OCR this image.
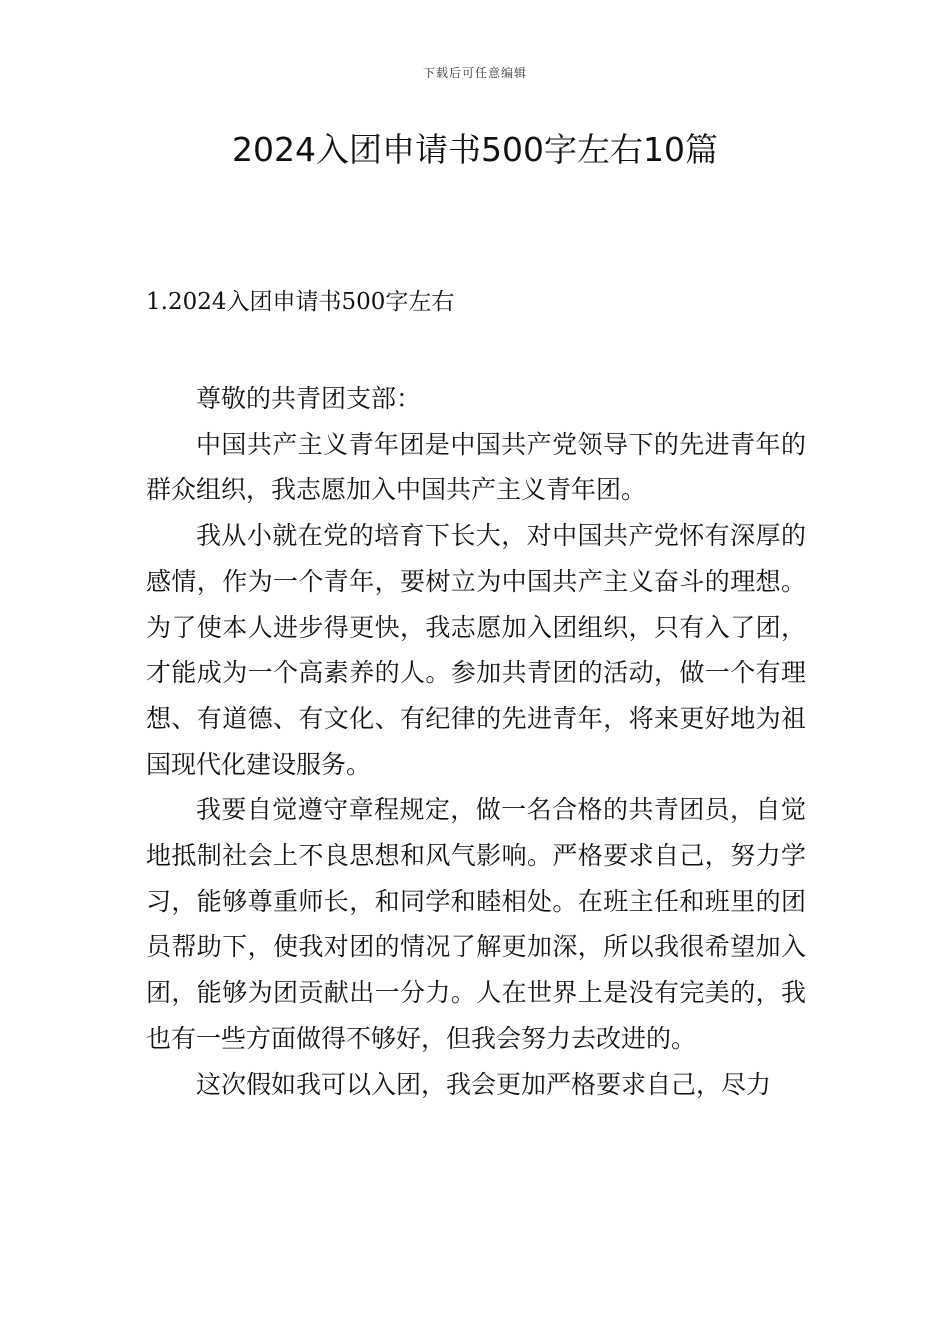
下载后可任意编辑
2024入团申请书500字左右10篇
1.2024入团申请书500字左右

尊敬的共青团支部：

中国共产主义青年团是中国共产党领导下的先进青年的群众组织，我志愿加入中国共产主义青年团。

我从小就在党的培育下长大，对中国共产党怀有深厚的感情，作为一个青年，要树立为中国共产主义奋斗的理想。为了使本人进步得更快，我志愿加入团组织，只有入了团，才能成为一个高素养的人。参加共青团的活动，做一个有理想、有道德、有文化、有纪律的先进青年，将来更好地为祖国现代化建设服务。

我要自觉遵守章程规定，做一名合格的共青团员，自觉地抵制社会上不良思想和风气影响。严格要求自己，努力学习，能够尊重师长，和同学和睦相处。在班主任和班里的团员帮助下，使我对团的情况了解更加深，所以我很希望加入团，能够为团贡献出一分力。人在世界上是没有完美的，我也有一些方面做得不够好，但我会努力去改进的。

这次假如我可以入团，我会更加严格要求自己，尽力
